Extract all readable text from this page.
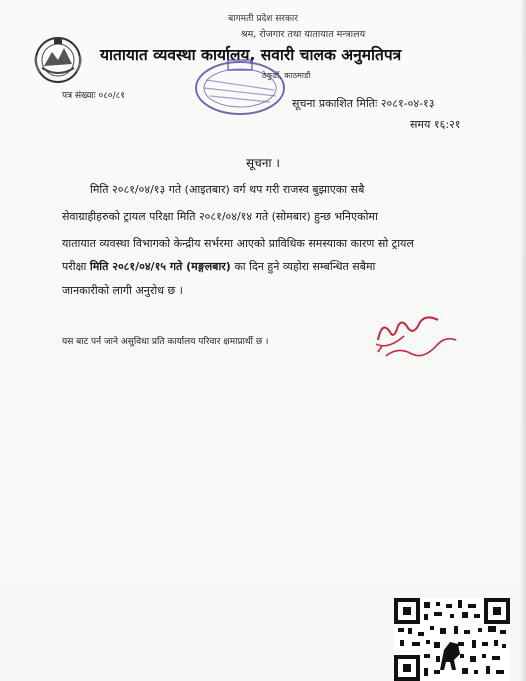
बागमती प्रदेश सरकार
श्रम, रोजगार तथा यातायात मन्त्रालय
यातायात व्यवस्था कार्यालय, सवारी चालक अनुमतिपत्र
ठेकुडाँ, काठमाडौं
पत्र संख्याः ०८०/८१
सूचना प्रकाशित मितिः २०८१-०४-१३
समय १६:२१
सूचना ।
मिति २०८१/०४/१३ गते (आइतबार) वर्ग थप गरी राजस्व बुझाएका सबै
सेवाग्राहीहरुको ट्रायल परिक्षा मिति २०८१/०४/१४ गते (सोमबार) हुन्छ भनिएकोमा
यातायात व्यवस्था विभागको केन्द्रीय सर्भरमा आएको प्राविधिक समस्याका कारण सो ट्रायल
परीक्षा मिति २०८१/०४/१५ गते (मङ्गलबार) का दिन हुने व्यहोरा सम्बन्धित सबैमा
जानकारीको लागी अनुरोध छ ।
यस बाट पर्न जाने असुविधा प्रति कार्यालय परिवार क्षमाप्रार्थी छ ।
